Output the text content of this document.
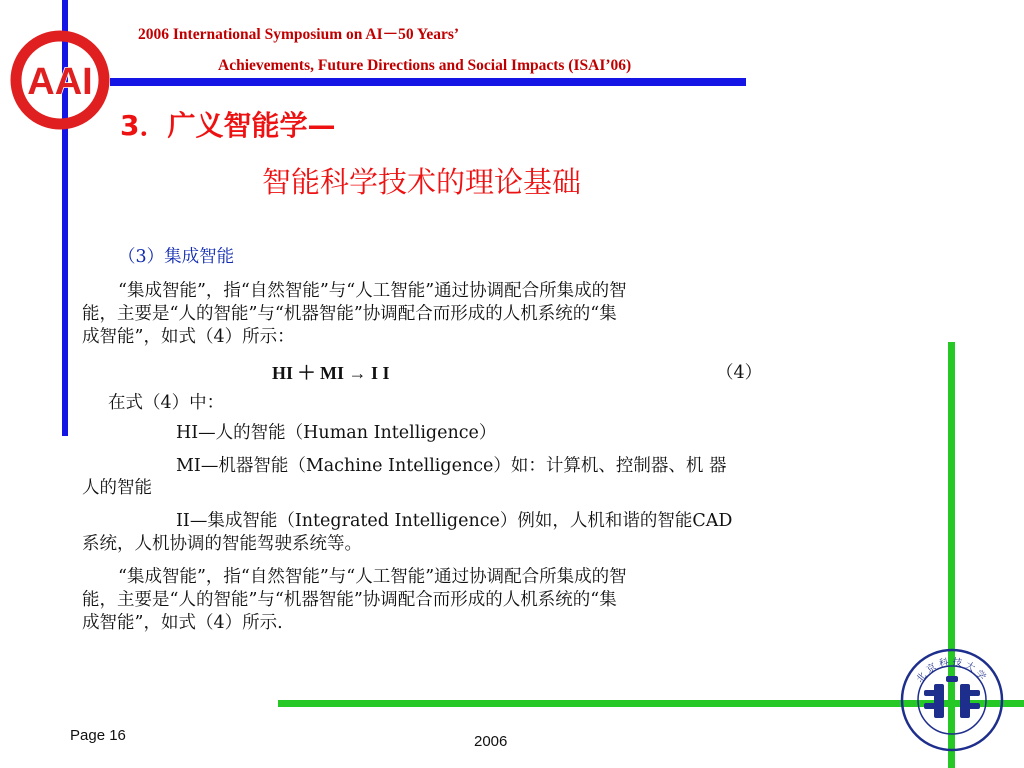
AAI
2006 International Symposium on AI－50 Years’
Achievements, Future Directions and Social Impacts (ISAI’06)
3．广义智能学—
智能科学技术的理论基础
（3）集成智能
“集成智能”，指“自然智能”与“人工智能”通过协调配合所集成的智
能，主要是“人的智能”与“机器智能”协调配合而形成的人机系统的“集
成智能”，如式（4）所示：
HI ＋ MI → I I	（4）
在式（4）中：
HI—人的智能（Human Intelligence）
MI—机器智能（Machine Intelligence）如：计算机、控制器、机 器
人的智能
II—集成智能（Integrated Intelligence）例如，人机和谐的智能CAD
系统，人机协调的智能驾驶系统等。
“集成智能”，指“自然智能”与“人工智能”通过协调配合所集成的智
能，主要是“人的智能”与“机器智能”协调配合而形成的人机系统的“集
成智能”，如式（4）所示.
Page 16	2006
北京科技大学
